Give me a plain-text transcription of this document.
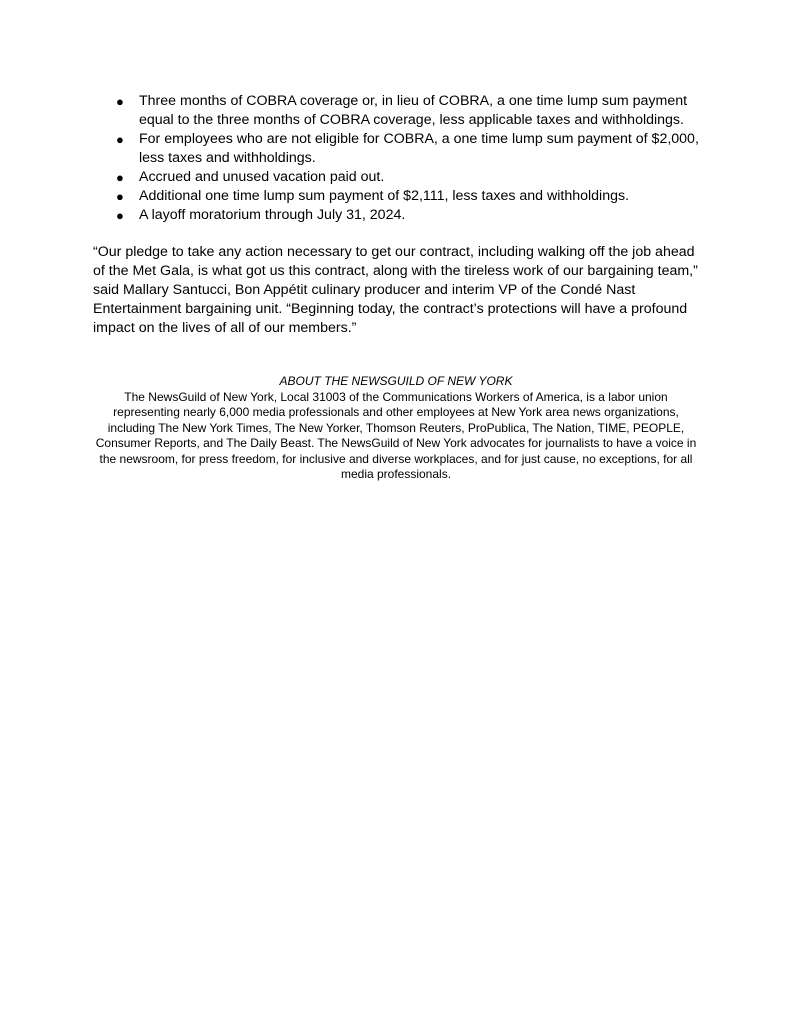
● Three months of COBRA coverage or, in lieu of COBRA, a one time lump sum payment equal to the three months of COBRA coverage, less applicable taxes and withholdings.
● For employees who are not eligible for COBRA, a one time lump sum payment of $2,000, less taxes and withholdings.
● Accrued and unused vacation paid out.
● Additional one time lump sum payment of $2,111, less taxes and withholdings.
● A layoff moratorium through July 31, 2024.

“Our pledge to take any action necessary to get our contract, including walking off the job ahead of the Met Gala, is what got us this contract, along with the tireless work of our bargaining team,” said Mallary Santucci, Bon Appétit culinary producer and interim VP of the Condé Nast Entertainment bargaining unit. “Beginning today, the contract’s protections will have a profound impact on the lives of all of our members.”

ABOUT THE NEWSGUILD OF NEW YORK

The NewsGuild of New York, Local 31003 of the Communications Workers of America, is a labor union representing nearly 6,000 media professionals and other employees at New York area news organizations, including The New York Times, The New Yorker, Thomson Reuters, ProPublica, The Nation, TIME, PEOPLE, Consumer Reports, and The Daily Beast. The NewsGuild of New York advocates for journalists to have a voice in the newsroom, for press freedom, for inclusive and diverse workplaces, and for just cause, no exceptions, for all media professionals.
